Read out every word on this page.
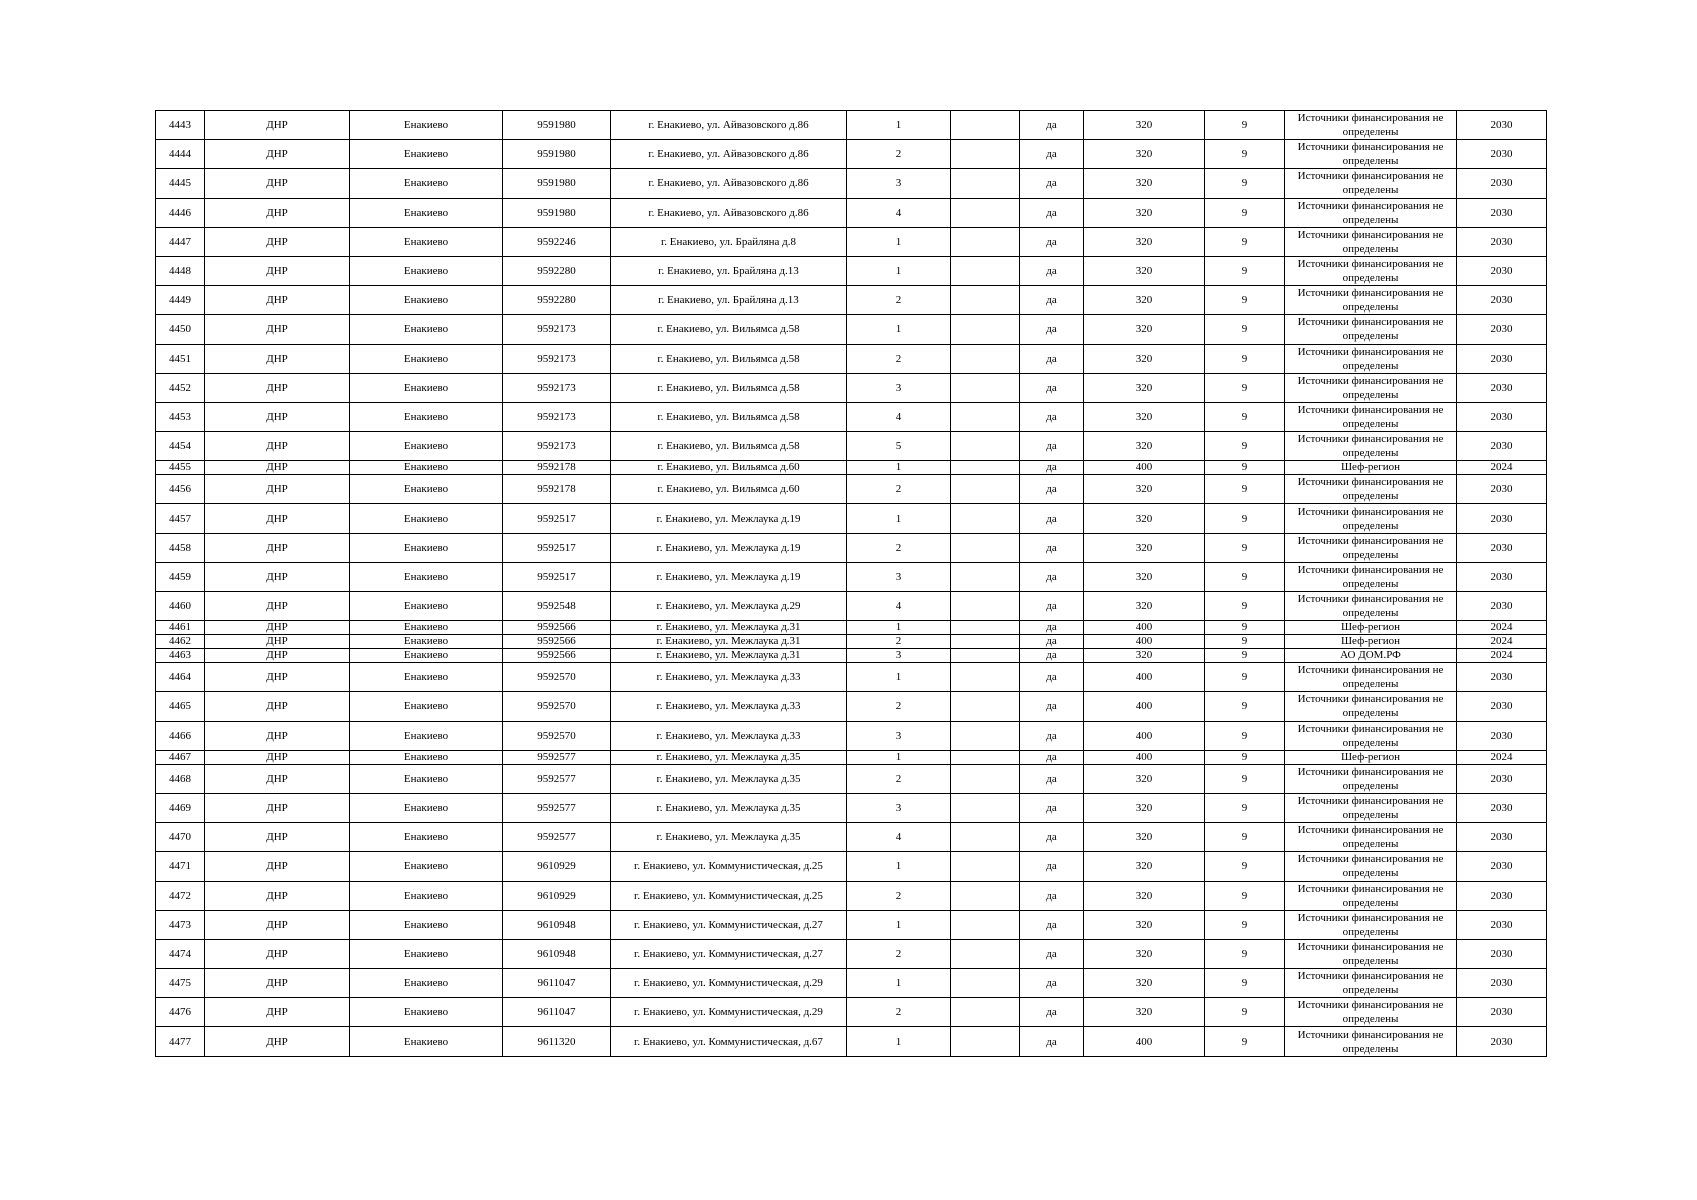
4443	ДНР	Енакиево	9591980	г. Енакиево, ул. Айвазовского д.86	1		да	320	9	Источники финансирования не определены	2030
4444	ДНР	Енакиево	9591980	г. Енакиево, ул. Айвазовского д.86	2		да	320	9	Источники финансирования не определены	2030
4445	ДНР	Енакиево	9591980	г. Енакиево, ул. Айвазовского д.86	3		да	320	9	Источники финансирования не определены	2030
4446	ДНР	Енакиево	9591980	г. Енакиево, ул. Айвазовского д.86	4		да	320	9	Источники финансирования не определены	2030
4447	ДНР	Енакиево	9592246	г. Енакиево, ул. Брайляна д.8	1		да	320	9	Источники финансирования не определены	2030
4448	ДНР	Енакиево	9592280	г. Енакиево, ул. Брайляна д.13	1		да	320	9	Источники финансирования не определены	2030
4449	ДНР	Енакиево	9592280	г. Енакиево, ул. Брайляна д.13	2		да	320	9	Источники финансирования не определены	2030
4450	ДНР	Енакиево	9592173	г. Енакиево, ул. Вильямса д.58	1		да	320	9	Источники финансирования не определены	2030
4451	ДНР	Енакиево	9592173	г. Енакиево, ул. Вильямса д.58	2		да	320	9	Источники финансирования не определены	2030
4452	ДНР	Енакиево	9592173	г. Енакиево, ул. Вильямса д.58	3		да	320	9	Источники финансирования не определены	2030
4453	ДНР	Енакиево	9592173	г. Енакиево, ул. Вильямса д.58	4		да	320	9	Источники финансирования не определены	2030
4454	ДНР	Енакиево	9592173	г. Енакиево, ул. Вильямса д.58	5		да	320	9	Источники финансирования не определены	2030
4455	ДНР	Енакиево	9592178	г. Енакиево, ул. Вильямса д.60	1		да	400	9	Шеф-регион	2024
4456	ДНР	Енакиево	9592178	г. Енакиево, ул. Вильямса д.60	2		да	320	9	Источники финансирования не определены	2030
4457	ДНР	Енакиево	9592517	г. Енакиево, ул. Межлаука д.19	1		да	320	9	Источники финансирования не определены	2030
4458	ДНР	Енакиево	9592517	г. Енакиево, ул. Межлаука д.19	2		да	320	9	Источники финансирования не определены	2030
4459	ДНР	Енакиево	9592517	г. Енакиево, ул. Межлаука д.19	3		да	320	9	Источники финансирования не определены	2030
4460	ДНР	Енакиево	9592548	г. Енакиево, ул. Межлаука д.29	4		да	320	9	Источники финансирования не определены	2030
4461	ДНР	Енакиево	9592566	г. Енакиево, ул. Межлаука д.31	1		да	400	9	Шеф-регион	2024
4462	ДНР	Енакиево	9592566	г. Енакиево, ул. Межлаука д.31	2		да	400	9	Шеф-регион	2024
4463	ДНР	Енакиево	9592566	г. Енакиево, ул. Межлаука д.31	3		да	320	9	АО ДОМ.РФ	2024
4464	ДНР	Енакиево	9592570	г. Енакиево, ул. Межлаука д.33	1		да	400	9	Источники финансирования не определены	2030
4465	ДНР	Енакиево	9592570	г. Енакиево, ул. Межлаука д.33	2		да	400	9	Источники финансирования не определены	2030
4466	ДНР	Енакиево	9592570	г. Енакиево, ул. Межлаука д.33	3		да	400	9	Источники финансирования не определены	2030
4467	ДНР	Енакиево	9592577	г. Енакиево, ул. Межлаука д.35	1		да	400	9	Шеф-регион	2024
4468	ДНР	Енакиево	9592577	г. Енакиево, ул. Межлаука д.35	2		да	320	9	Источники финансирования не определены	2030
4469	ДНР	Енакиево	9592577	г. Енакиево, ул. Межлаука д.35	3		да	320	9	Источники финансирования не определены	2030
4470	ДНР	Енакиево	9592577	г. Енакиево, ул. Межлаука д.35	4		да	320	9	Источники финансирования не определены	2030
4471	ДНР	Енакиево	9610929	г. Енакиево, ул. Коммунистическая, д.25	1		да	320	9	Источники финансирования не определены	2030
4472	ДНР	Енакиево	9610929	г. Енакиево, ул. Коммунистическая, д.25	2		да	320	9	Источники финансирования не определены	2030
4473	ДНР	Енакиево	9610948	г. Енакиево, ул. Коммунистическая, д.27	1		да	320	9	Источники финансирования не определены	2030
4474	ДНР	Енакиево	9610948	г. Енакиево, ул. Коммунистическая, д.27	2		да	320	9	Источники финансирования не определены	2030
4475	ДНР	Енакиево	9611047	г. Енакиево, ул. Коммунистическая, д.29	1		да	320	9	Источники финансирования не определены	2030
4476	ДНР	Енакиево	9611047	г. Енакиево, ул. Коммунистическая, д.29	2		да	320	9	Источники финансирования не определены	2030
4477	ДНР	Енакиево	9611320	г. Енакиево, ул. Коммунистическая, д.67	1		да	400	9	Источники финансирования не определены	2030
